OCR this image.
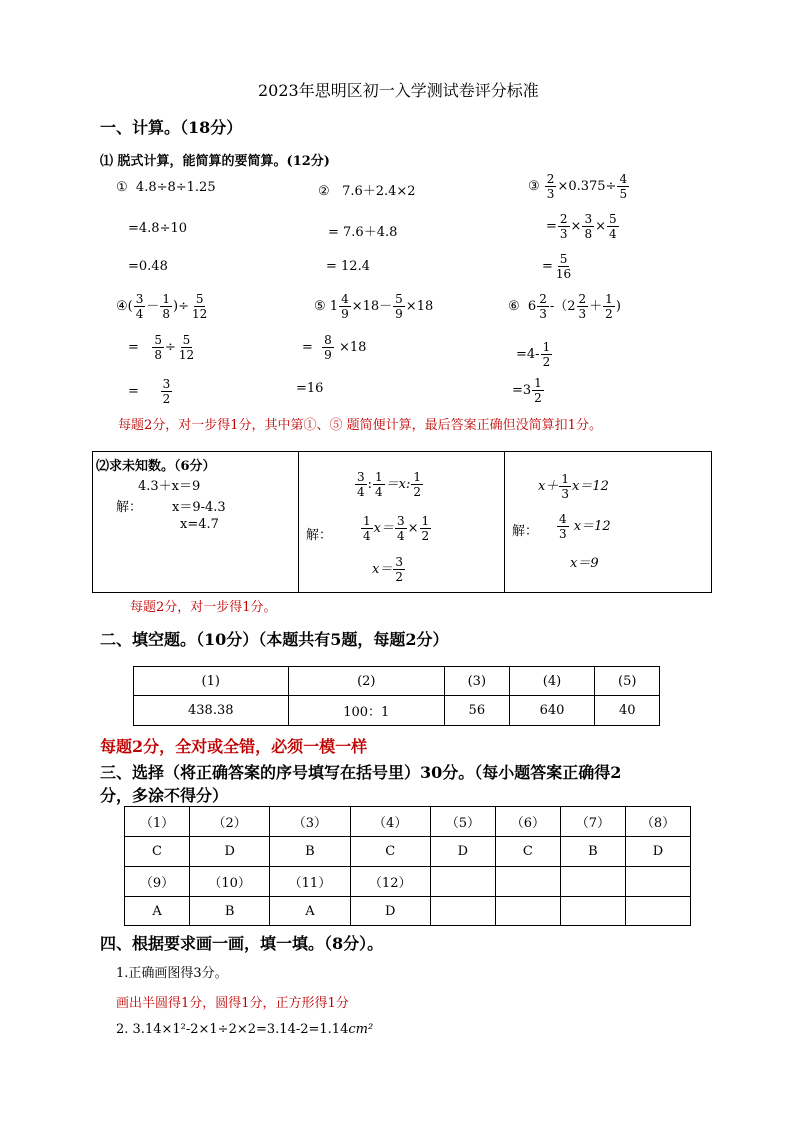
2023年思明区初一入学测试卷评分标准
一、计算。（18分）
⑴ 脱式计算，能简算的要简算。(12分)
① 4.8÷8÷1.25
=4.8÷10
=0.48
② 7.6＋2.4×2
= 7.6＋4.8
= 12.4
③ $\frac{2}{3} \times 0.375\div \frac{4}{5}$
= $\frac{2}{3} \times \frac{3}{8} \times \frac{5}{4}$
= $\frac{5}{16}$
④( $\frac{3}{4} - \frac{1}{8}$ )÷ $\frac{5}{12}$
= $\frac{5}{8} \div \frac{5}{12}$
= $\frac{3}{2}$
⑤ $1 \frac{4}{9} \times 18- \frac{5}{9} \times 18$
= $\frac{8}{9} \times 18$
=16
⑥ $6 \frac{2}{3} -(2 \frac{2}{3} + \frac{1}{2}$ )
$=4- \frac{1}{2}$
$=3 \frac{1}{2}$
每题2分，对一步得1分，其中第①、⑤ 题简便计算，最后答案正确但没简算扣1分。
⑵求未知数。（6分）
4.3＋x＝9
解： x＝9-4.3
x=4.7
$\frac{3}{4}$ : $\frac{1}{4} =x$: $\frac{1}{2}$
解： $\frac{1}{4} x= \frac{3}{4} \times \frac{1}{2}$
$x= \frac{3}{2}$
$x+ \frac{1}{3} x=12$
解： $\frac{4}{3} x=12$
x＝9
每题2分，对一步得1分。
二、填空题。（10分）（本题共有5题，每题2分）
(1)	(2)	(3)	(4)	(5)
438.38	100：1	56	640	40
每题2分，全对或全错，必须一模一样
三、选择（将正确答案的序号填写在括号里）30分。（每小题答案正确得2
分，多涂不得分）
（1）	（2）	（3）	（4）	（5）	（6）	（7）	（8）
C	D	B	C	D	C	B	D
（9）	（10）	（11）	（12）				
A	B	A	D				
四、根据要求画一画，填一填。（8分）。
1.正确画图得3分。
画出半圆得1分，圆得1分，正方形得1分
2. 3.14×1²-2×1÷2×2=3.14-2=1.14cm²
